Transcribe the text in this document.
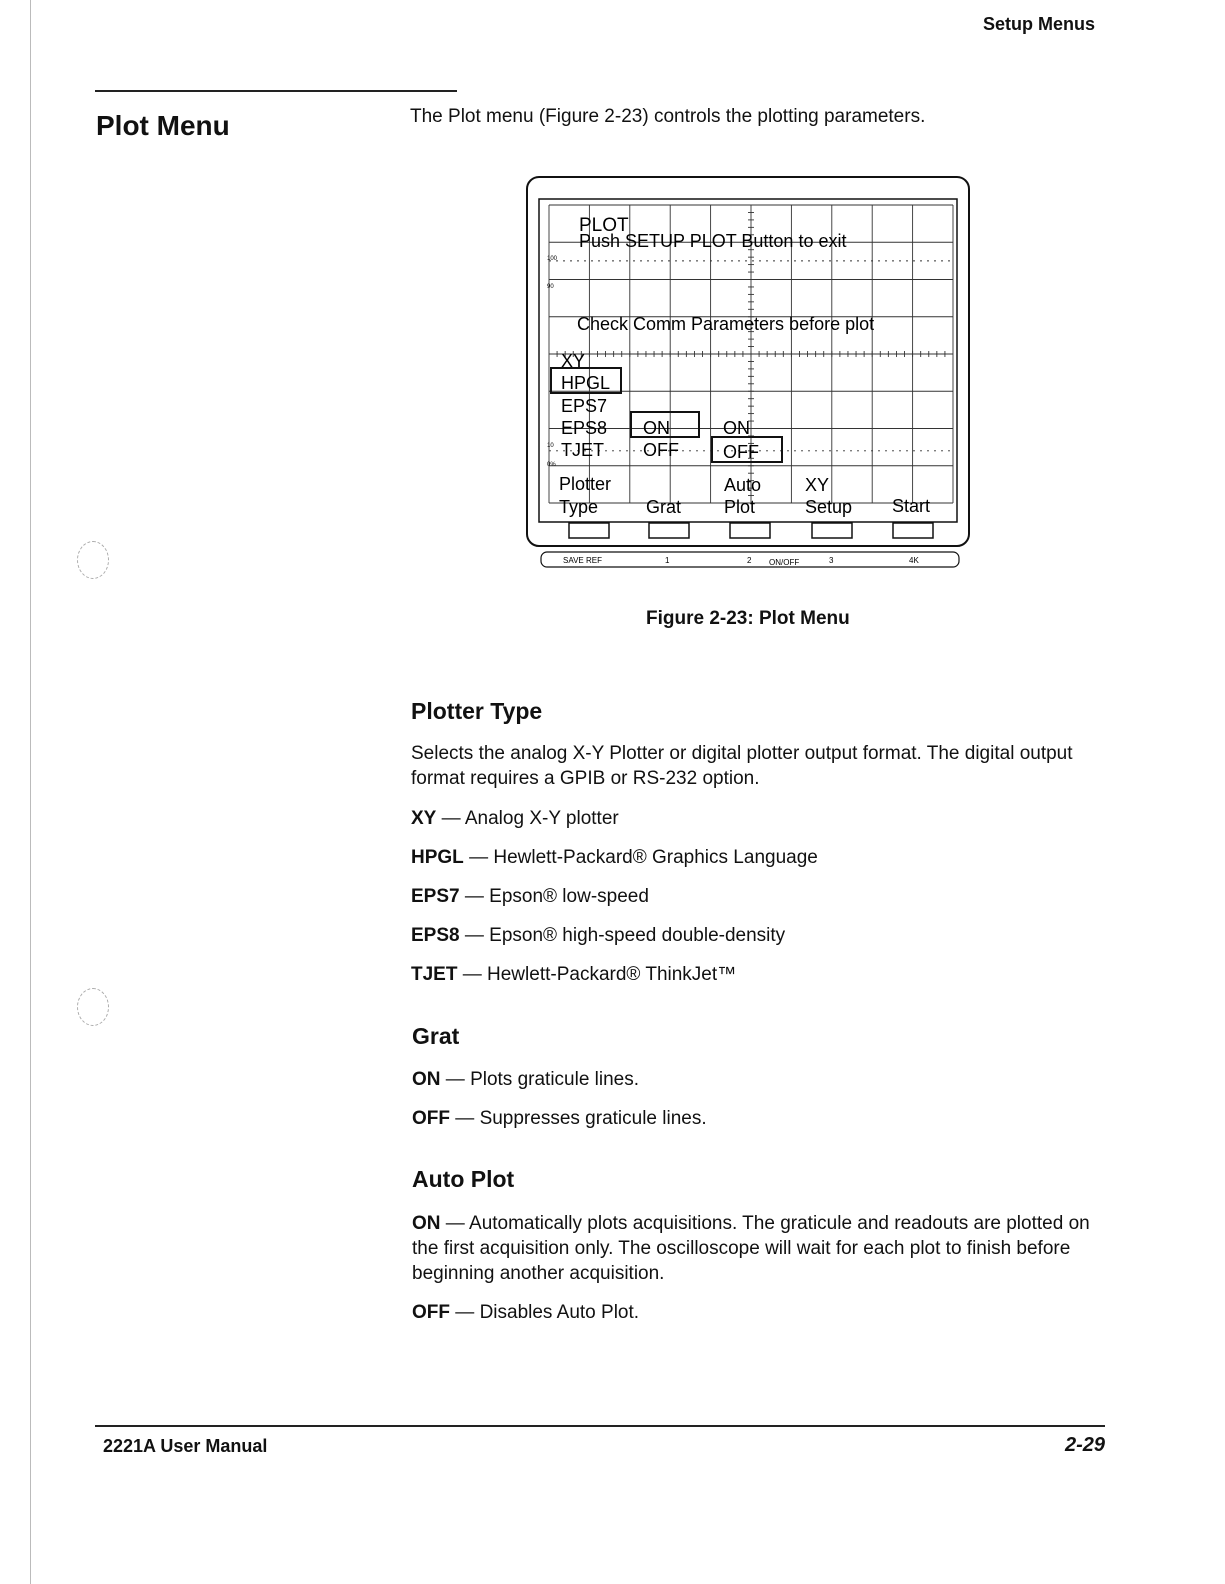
Setup Menus
Plot Menu	The Plot menu (Figure 2-23) controls the plotting parameters.
PLOT
Push SETUP PLOT Button to exit
Check Comm Parameters before plot
100
90
10
0%
XY
HPGL
EPS7
EPS8
TJET
ON
OFF
ON
OFF
Plotter
Type	Grat
Auto
Plot
XY
Setup Start
SAVE REF	1	2 ON/OFF	3	4K
Figure 2-23: Plot Menu
Plotter Type
Selects the analog X-Y Plotter or digital plotter output format. The digital output format requires a GPIB or RS-232 option.
XY — Analog X-Y plotter
HPGL — Hewlett-Packard® Graphics Language
EPS7 — Epson® low-speed
EPS8 — Epson® high-speed double-density
TJET — Hewlett-Packard® ThinkJet™
Grat
ON — Plots graticule lines.
OFF — Suppresses graticule lines.
Auto Plot
ON — Automatically plots acquisitions. The graticule and readouts are plotted on the first acquisition only. The oscilloscope will wait for each plot to finish before beginning another acquisition.
OFF — Disables Auto Plot.
2221A User Manual	2-29
